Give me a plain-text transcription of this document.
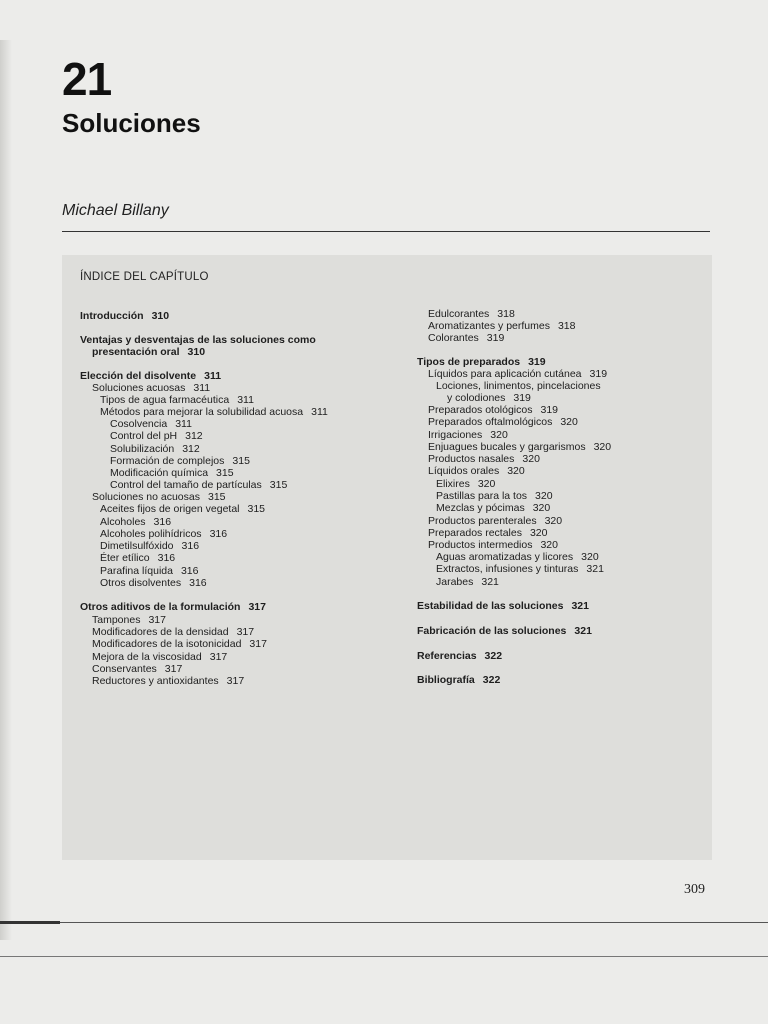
21
Soluciones
Michael Billany
ÍNDICE DEL CAPÍTULO
Introducción 310
Ventajas y desventajas de las soluciones como
presentación oral 310
Elección del disolvente 311
Soluciones acuosas 311
Tipos de agua farmacéutica 311
Métodos para mejorar la solubilidad acuosa 311
Cosolvencia 311
Control del pH 312
Solubilización 312
Formación de complejos 315
Modificación química 315
Control del tamaño de partículas 315
Soluciones no acuosas 315
Aceites fijos de origen vegetal 315
Alcoholes 316
Alcoholes polihídricos 316
Dimetilsulfóxido 316
Éter etílico 316
Parafina líquida 316
Otros disolventes 316
Otros aditivos de la formulación 317
Tampones 317
Modificadores de la densidad 317
Modificadores de la isotonicidad 317
Mejora de la viscosidad 317
Conservantes 317
Reductores y antioxidantes 317
Edulcorantes 318
Aromatizantes y perfumes 318
Colorantes 319
Tipos de preparados 319
Líquidos para aplicación cutánea 319
Lociones, linimentos, pincelaciones
y colodiones 319
Preparados otológicos 319
Preparados oftalmológicos 320
Irrigaciones 320
Enjuagues bucales y gargarismos 320
Productos nasales 320
Líquidos orales 320
Elixires 320
Pastillas para la tos 320
Mezclas y pócimas 320
Productos parenterales 320
Preparados rectales 320
Productos intermedios 320
Aguas aromatizadas y licores 320
Extractos, infusiones y tinturas 321
Jarabes 321
Estabilidad de las soluciones 321
Fabricación de las soluciones 321
Referencias 322
Bibliografía 322
309
